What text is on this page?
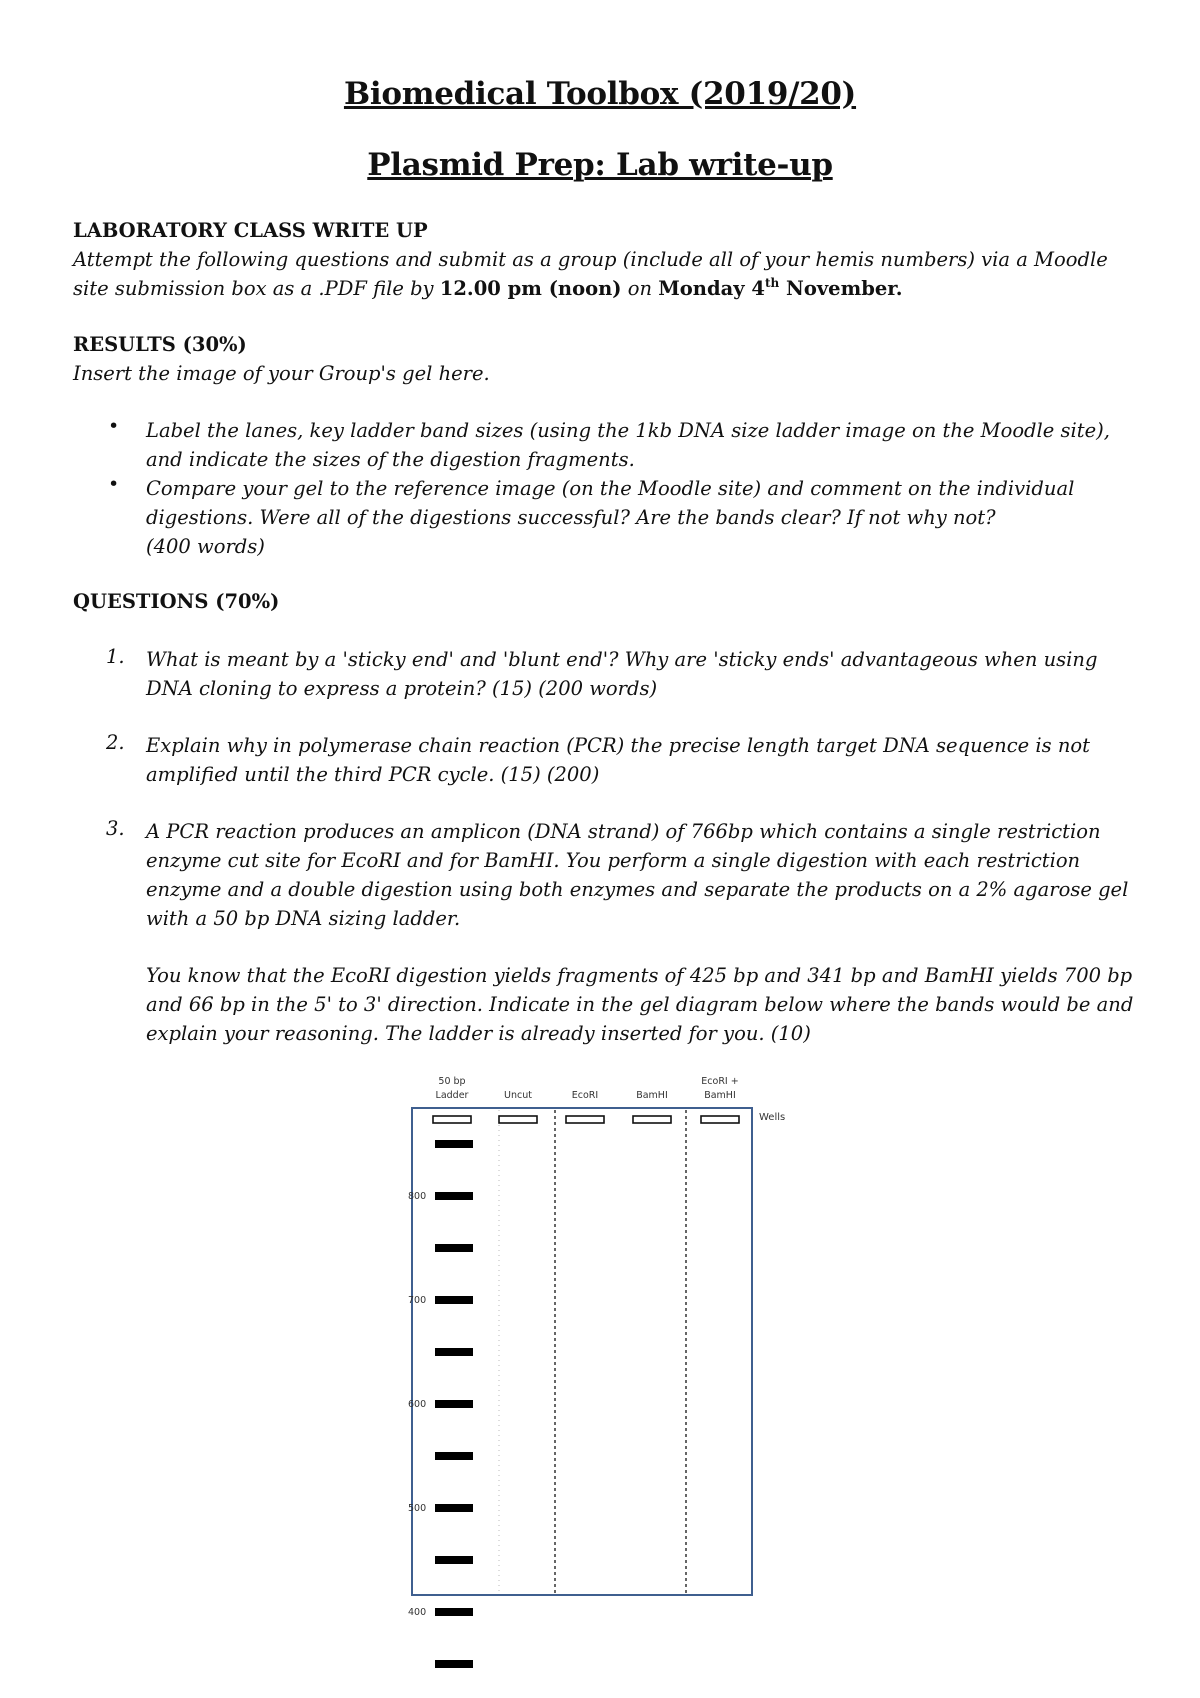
Biomedical Toolbox (2019/20)
Plasmid Prep: Lab write-up
LABORATORY CLASS WRITE UP
Attempt the following questions and submit as a group (include all of your hemis numbers) via a Moodle site submission box as a .PDF file by 12.00 pm (noon) on Monday 4th November.
RESULTS (30%)
Insert the image of your Group's gel here.
• Label the lanes, key ladder band sizes (using the 1kb DNA size ladder image on the Moodle site), and indicate the sizes of the digestion fragments.
• Compare your gel to the reference image (on the Moodle site) and comment on the individual digestions. Were all of the digestions successful? Are the bands clear? If not why not?
(400 words)
QUESTIONS (70%)
1. What is meant by a 'sticky end' and 'blunt end'? Why are 'sticky ends' advantageous when using DNA cloning to express a protein? (15) (200 words)
2. Explain why in polymerase chain reaction (PCR) the precise length target DNA sequence is not amplified until the third PCR cycle. (15) (200)
3. A PCR reaction produces an amplicon (DNA strand) of 766bp which contains a single restriction enzyme cut site for EcoRI and for BamHI. You perform a single digestion with each restriction enzyme and a double digestion using both enzymes and separate the products on a 2% agarose gel with a 50 bp DNA sizing ladder.
You know that the EcoRI digestion yields fragments of 425 bp and 341 bp and BamHI yields 700 bp and 66 bp in the 5' to 3' direction. Indicate in the gel diagram below where the bands would be and explain your reasoning. The ladder is already inserted for you. (10)
50 bp
Ladder	Uncut	EcoRI	BamHI
EcoRI +
BamHI
Wells
800
700
600
500
400
